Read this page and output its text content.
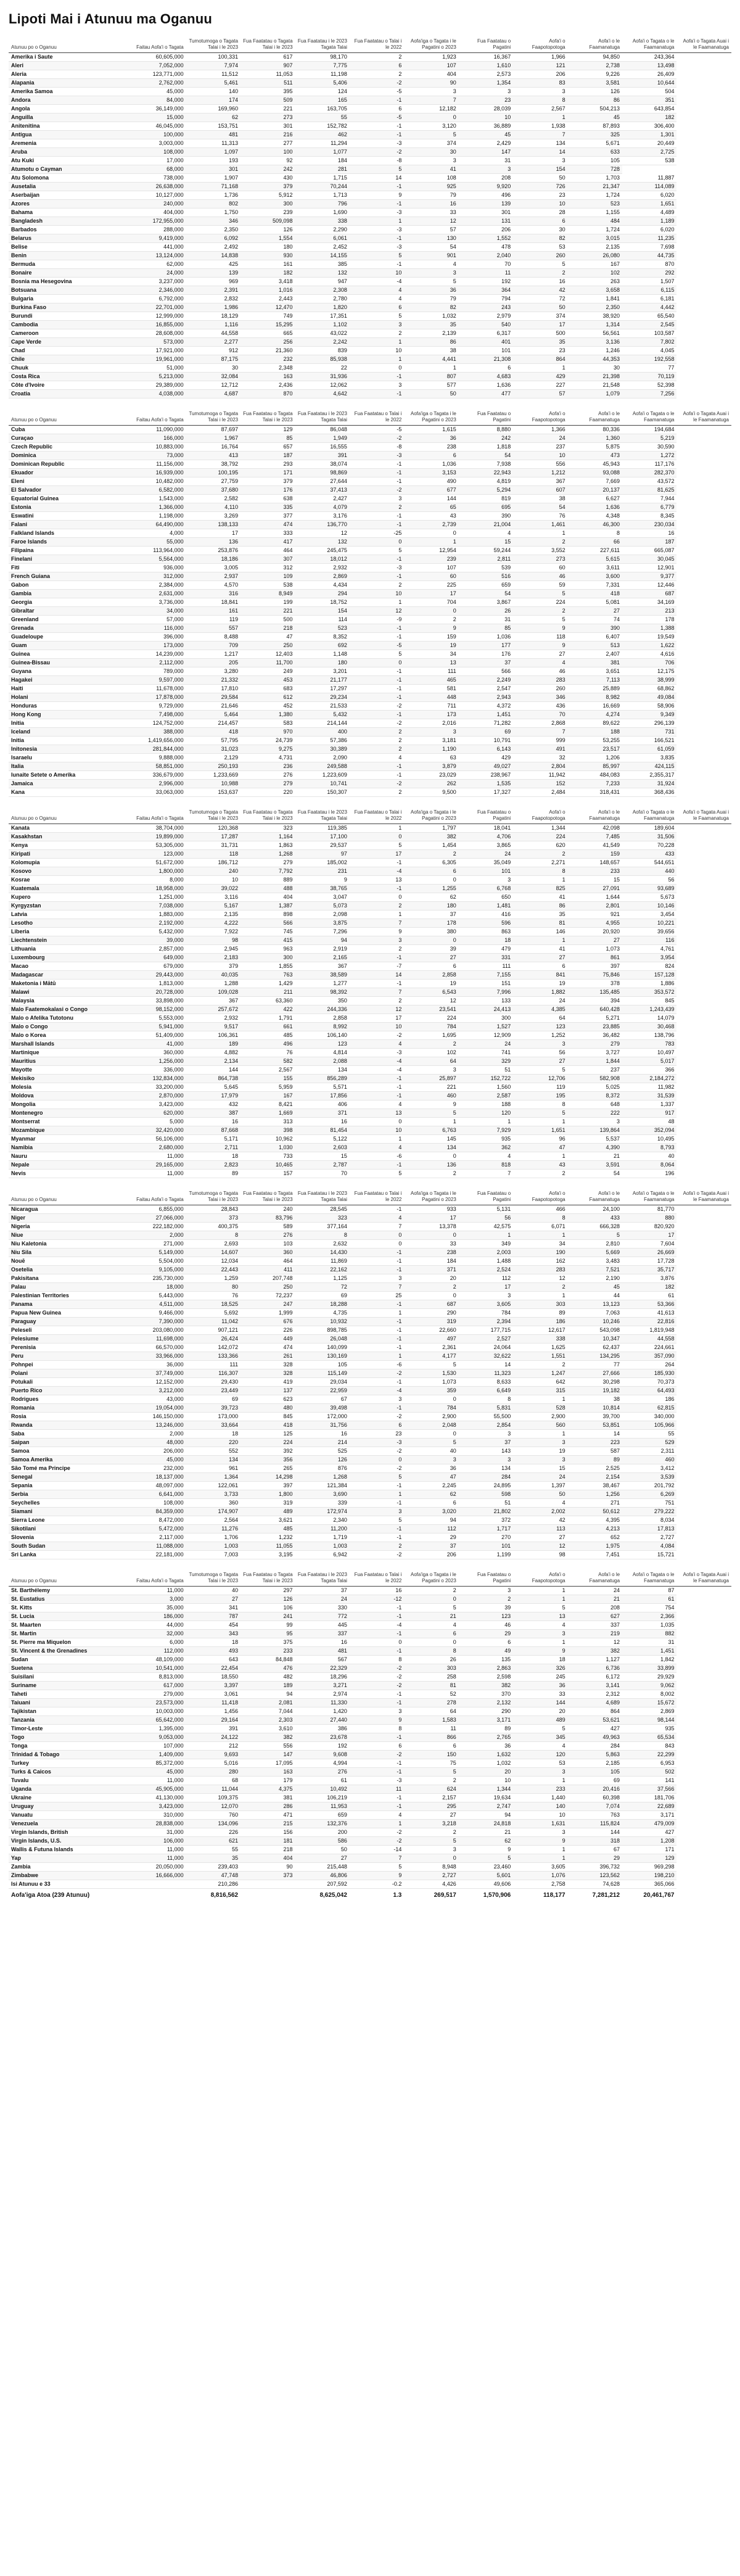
Lipoti Mai i Atunuu ma Oganuu
Atunuu po o Oganuu	Faitau Aofa'i o Tagata	Tumotumoga o Tagata Talai i le 2023	Fua Faatatau o Tagata Talai i le 2023	Fua Faatatau i le 2023 Tagata Talai	Fua Faatatau o Talai i le 2022	Aofa'iga o Tagata i le Pagatini o 2023	Fua Faatatau o Pagatini	Aofa'i o Faapotopotoga	Aofa'i o le Faamanatuga	Aofa'i o Tagata o le Faamanatuga	Aofa'i o Tagata Auai i le Faamanatuga
Amerika i Saute	60,605,000	100,331	617	98,170	2	1,923	16,367	1,966	94,850	243,364	
Aleri	7,052,000	7,974	907	7,775	6	107	1,610	121	2,738	13,498	
Aleria	123,771,000	11,512	11,053	11,198	2	404	2,573	206	9,226	26,409	
Alapania	2,762,000	5,461	511	5,406	-2	90	1,354	83	3,581	10,644	
Amerika Samoa	45,000	140	395	124	-5	3	3	3	126	504	
Andora	84,000	174	509	165	-1	7	23	8	86	351	
Angola	36,149,000	169,960	221	163,705	6	12,182	28,039	2,567	504,213	643,854	
Anguilla	15,000	62	273	55	-5	0	10	1	45	182	
Anitenitina	46,045,000	153,751	301	152,782	-1	3,120	36,889	1,938	87,893	306,400	
Antigua	100,000	481	216	462	-1	5	45	7	325	1,301	
Aremenia	3,003,000	11,313	277	11,294	-3	374	2,429	134	5,671	20,449	
Aruba	108,000	1,097	100	1,077	-2	30	147	14	633	2,725	
Atu Kuki	17,000	193	92	184	-8	3	31	3	105	538	
Atumotu o Cayman	68,000	301	242	281	5	41	3	154	728		
Atu Solomona	738,000	1,907	430	1,715	14	108	208	50	1,703	11,887	
Ausetalia	26,638,000	71,168	379	70,244	-1	925	9,920	726	21,347	114,089	
Aserbaijan	10,127,000	1,736	5,912	1,713	9	79	496	23	1,724	6,020	
Azores	240,000	802	300	796	-1	16	139	10	523	1,651	
Bahama	404,000	1,750	239	1,690	-3	33	301	28	1,155	4,489	
Bangladesh	172,955,000	346	509,098	338	1	12	131	6	484	1,189	
Barbados	288,000	2,350	126	2,290	-3	57	206	30	1,724	6,020	
Belarus	9,419,000	6,092	1,554	6,061	-1	130	1,552	82	3,015	11,235	
Belise	441,000	2,492	180	2,452	-3	54	478	53	2,135	7,698	
Benin	13,124,000	14,838	930	14,155	5	901	2,040	260	26,080	44,735	
Bermuda	62,000	425	161	385	-1	4	70	5	167	870	
Bonaire	24,000	139	182	132	10	3	11	2	102	292	
Bosnia ma Hesegovina	3,237,000	969	3,418	947	-4	5	192	16	263	1,507	
Botsuana	2,346,000	2,391	1,016	2,308	4	36	364	42	3,658	6,115	
Bulgaria	6,792,000	2,832	2,443	2,780	4	79	794	72	1,841	6,181	
Burkina Faso	22,701,000	1,986	12,470	1,820	6	82	243	50	2,350	4,442	
Burundi	12,999,000	18,129	749	17,351	5	1,032	2,979	374	38,920	65,540	
Cambodia	16,855,000	1,116	15,295	1,102	3	35	540	17	1,314	2,545	
Cameroon	28,608,000	44,558	665	43,022	2	2,139	6,317	500	56,561	103,587	
Cape Verde	573,000	2,277	256	2,242	1	86	401	35	3,136	7,802	
Chad	17,921,000	912	21,360	839	10	38	101	23	1,246	4,045	
Chile	19,961,000	87,175	232	85,938	1	4,441	21,308	864	44,353	192,558	
Chuuk	51,000	30	2,348	22	0	1	6	1	30	77	
Costa Rica	5,213,000	32,084	163	31,936	-1	807	4,683	429	21,398	70,119	
Côte d'Ivoire	29,389,000	12,712	2,436	12,062	3	577	1,636	227	21,548	52,398	
Croatia	4,038,000	4,687	870	4,642	-1	50	477	57	1,079	7,256	
Atunuu po o Oganuu	Faitau Aofa'i o Tagata	Tumotumoga o Tagata Talai i le 2023	Fua Faatatau o Tagata Talai i le 2023	Fua Faatatau i le 2023 Tagata Talai	Fua Faatatau o Talai i le 2022	Aofa'iga o Tagata i le Pagatini o 2023	Fua Faatatau o Pagatini	Aofa'i o Faapotopotoga	Aofa'i o le Faamanatuga	Aofa'i o Tagata o le Faamanatuga	Aofa'i o Tagata Auai i le Faamanatuga
Cuba	11,090,000	87,697	129	86,048	-5	1,615	8,880	1,366	80,336	194,684	
Curaçao	166,000	1,967	85	1,949	-2	36	242	24	1,360	5,219	
Czech Republic	10,883,000	16,764	657	16,555	-8	238	1,818	237	5,875	30,590	
Dominica	73,000	413	187	391	-3	6	54	10	473	1,272	
Dominican Republic	11,156,000	38,792	293	38,074	-1	1,036	7,938	556	45,943	117,176	
Ekuador	16,939,000	100,195	171	98,869	-1	3,153	22,943	1,212	93,088	282,370	
Eleni	10,482,000	27,759	379	27,644	-1	490	4,819	367	7,669	43,572	
El Salvador	6,582,000	37,680	176	37,413	-2	677	5,294	607	20,137	81,625	
Equatorial Guinea	1,543,000	2,582	638	2,427	3	144	819	38	6,627	7,944	
Estonia	1,366,000	4,110	335	4,079	2	65	695	54	1,636	6,779	
Eswatini	1,198,000	3,269	377	3,176	-1	43	390	76	4,348	8,345	
Falani	64,490,000	138,133	474	136,770	-1	2,739	21,004	1,461	46,300	230,034	
Falkland Islands	4,000	17	333	12	-25	0	4	1	8	16	
Faroe Islands	55,000	136	417	132	0	1	15	2	66	187	
Filipaina	113,964,000	253,876	464	245,475	5	12,954	59,244	3,552	227,611	665,087	
Finelani	5,564,000	18,186	307	18,012	-1	239	2,811	273	5,615	30,045	
Fiti	936,000	3,005	312	2,932	-3	107	539	60	3,611	12,901	
French Guiana	312,000	2,937	109	2,869	-1	60	516	46	3,600	9,377	
Gabon	2,384,000	4,570	538	4,434	2	225	659	59	7,331	12,446	
Gambia	2,631,000	316	8,949	294	10	17	54	5	418	687	
Georgia	3,736,000	18,841	199	18,752	1	704	3,867	224	5,081	34,169	
Gibraltar	34,000	161	221	154	12	0	26	2	27	213	
Greenland	57,000	119	500	114	-9	2	31	5	74	178	
Grenada	116,000	557	218	523	-1	9	85	9	390	1,388	
Guadeloupe	396,000	8,488	47	8,352	-1	159	1,036	118	6,407	19,549	
Guam	173,000	709	250	692	-5	19	177	9	513	1,622	
Guinea	14,239,000	1,217	12,403	1,148	5	34	176	27	2,407	4,616	
Guinea-Bissau	2,112,000	205	11,700	180	0	13	37	4	381	706	
Guyana	789,000	3,280	249	3,201	-1	111	566	46	3,651	12,175	
Hagakei	9,597,000	21,332	453	21,177	-1	465	2,249	283	7,113	38,999	
Haiti	11,678,000	17,810	683	17,297	-1	581	2,547	260	25,889	68,862	
Holani	17,878,000	29,584	612	29,234	-1	448	2,943	346	8,982	49,084	
Honduras	9,729,000	21,646	452	21,533	-2	711	4,372	436	16,669	58,906	
Hong Kong	7,498,000	5,464	1,380	5,432	-1	173	1,451	70	4,274	9,349	
Initia	124,752,000	214,457	583	214,144	-2	2,016	71,282	2,868	89,622	296,139	
Iceland	388,000	418	970	400	2	3	69	7	188	731	
Initia	1,419,656,000	57,795	24,739	57,386	2	3,181	10,791	999	53,255	166,521	
Initonesia	281,844,000	31,023	9,275	30,389	2	1,190	6,143	491	23,517	61,059	
Isaraelu	9,888,000	2,129	4,731	2,090	4	63	429	32	1,206	3,835	
Italia	58,851,000	250,193	236	249,588	-1	3,879	49,027	2,804	85,997	424,115	
Iunaite Setete o Amerika	336,679,000	1,233,669	276	1,223,609	-1	23,029	238,967	11,942	484,083	2,355,317	
Jamaica	2,996,000	10,988	279	10,741	-2	262	1,535	152	7,233	31,924	
Kana	33,063,000	153,637	220	150,307	2	9,500	17,327	2,484	318,431	368,436	
Atunuu po o Oganuu	Faitau Aofa'i o Tagata	Tumotumoga o Tagata Talai i le 2023	Fua Faatatau o Tagata Talai i le 2023	Fua Faatatau i le 2023 Tagata Talai	Fua Faatatau o Talai i le 2022	Aofa'iga o Tagata i le Pagatini o 2023	Fua Faatatau o Pagatini	Aofa'i o Faapotopotoga	Aofa'i o le Faamanatuga	Aofa'i o Tagata o le Faamanatuga	Aofa'i o Tagata Auai i le Faamanatuga
Kanata	38,704,000	120,368	323	119,385	1	1,797	18,041	1,344	42,098	189,604	
Kasakhstan	19,899,000	17,287	1,164	17,100	0	382	4,706	224	7,485	31,506	
Kenya	53,305,000	31,731	1,863	29,537	5	1,454	3,865	620	41,549	70,228	
Kiripati	123,000	118	1,268	97	17	2	24	2	159	433	
Kolomupia	51,672,000	186,712	279	185,002	-1	6,305	35,049	2,271	148,657	544,651	
Kosovo	1,800,000	240	7,792	231	-4	6	101	8	233	440	
Kosrae	8,000	10	889	9	13	0	3	1	15	56	
Kuatemala	18,958,000	39,022	488	38,765	-1	1,255	6,768	825	27,091	93,689	
Kupero	1,251,000	3,116	404	3,047	0	62	650	41	1,644	5,673	
Kyrgyzstan	7,038,000	5,167	1,387	5,073	2	180	1,481	86	2,801	10,146	
Latvia	1,883,000	2,135	898	2,098	1	37	416	35	921	3,454	
Lesotho	2,192,000	4,222	566	3,875	7	178	596	81	4,955	10,221	
Liberia	5,432,000	7,922	745	7,296	9	380	863	146	20,920	39,656	
Liechtenstein	39,000	98	415	94	3	0	18	1	27	116	
Lithuania	2,857,000	2,945	963	2,919	2	39	479	41	1,073	4,761	
Luxembourg	649,000	2,183	300	2,165	-1	27	331	27	861	3,954	
Macao	679,000	379	1,855	367	-7	6	111	6	397	824	
Madagascar	29,443,000	40,035	763	38,589	14	2,858	7,155	841	75,846	157,128	
Maketonia i Mātū	1,813,000	1,288	1,429	1,277	-1	19	151	19	378	1,886	
Malawi	20,728,000	109,028	211	98,392	7	6,543	7,996	1,882	135,485	353,572	
Malaysia	33,898,000	367	63,360	350	2	12	133	24	394	845	
Malo Faatemokalasi o Congo	98,152,000	257,672	422	244,336	12	23,541	24,413	4,385	640,428	1,243,439	
Malo o Afelika Tutotonu	5,553,000	2,932	1,791	2,858	17	224	300	64	5,271	14,079	
Malo o Congo	5,941,000	9,517	661	8,992	10	784	1,527	123	23,885	30,468	
Malo o Korea	51,409,000	106,361	485	106,140	-2	1,695	12,909	1,252	36,482	138,796	
Marshall Islands	41,000	189	496	123	4	2	24	3	279	783	
Martinique	360,000	4,882	76	4,814	-3	102	741	56	3,727	10,497	
Mauritius	1,256,000	2,134	582	2,088	-4	64	329	27	1,844	5,017	
Mayotte	336,000	144	2,567	134	-4	3	51	5	237	366	
Mekisiko	132,834,000	864,738	155	856,289	-1	25,897	152,722	12,706	582,908	2,184,272	
Molesia	33,200,000	5,645	5,959	5,571	-1	221	1,560	119	5,025	11,982	
Moldova	2,870,000	17,979	167	17,856	-1	460	2,587	195	8,372	31,539	
Mongolia	3,423,000	432	8,421	406	4	9	188	8	648	1,337	
Montenegro	620,000	387	1,669	371	13	5	120	5	222	917	
Montserrat	5,000	16	313	16	0	1	1	1	3	48	
Mozambique	32,420,000	87,668	398	81,454	10	6,763	7,929	1,651	139,864	352,094	
Myanmar	56,106,000	5,171	10,962	5,122	1	145	935	96	5,537	10,495	
Namibia	2,680,000	2,711	1,030	2,603	4	134	362	47	4,390	8,793	
Nauru	11,000	18	733	15	-6	0	4	1	21	40	
Nepale	29,165,000	2,823	10,465	2,787	-1	136	818	43	3,591	8,064	
Nevis	11,000	89	157	70	5	2	7	2	54	196	
Atunuu po o Oganuu	Faitau Aofa'i o Tagata	Tumotumoga o Tagata Talai i le 2023	Fua Faatatau o Tagata Talai i le 2023	Fua Faatatau i le 2023 Tagata Talai	Fua Faatatau o Talai i le 2022	Aofa'iga o Tagata i le Pagatini o 2023	Fua Faatatau o Pagatini	Aofa'i o Faapotopotoga	Aofa'i o le Faamanatuga	Aofa'i o Tagata o le Faamanatuga	Aofa'i o Tagata Auai i le Faamanatuga
Nicaragua	6,855,000	28,843	240	28,545	-1	933	5,131	466	24,100	81,770	
Niger	27,066,000	373	83,796	323	4	17	56	8	433	880	
Nigeria	222,182,000	400,375	589	377,164	7	13,378	42,575	6,071	666,328	820,920	
Niue	2,000	8	276	8	0	0	1	1	5	17	
Niu Kaletonia	271,000	2,693	103	2,632	0	33	349	34	2,810	7,604	
Niu Sila	5,149,000	14,607	360	14,430	-1	238	2,003	190	5,669	26,669	
Nouē	5,504,000	12,034	464	11,869	-1	184	1,488	162	3,483	17,728	
Osetelia	9,105,000	22,443	411	22,162	-1	371	2,524	283	7,521	35,717	
Pakisitana	235,730,000	1,259	207,748	1,125	3	20	112	12	2,190	3,876	
Palau	18,000	80	250	72	7	2	17	2	45	182	
Palestinian Territories	5,443,000	76	72,237	69	25	0	3	1	44	61	
Panama	4,511,000	18,525	247	18,288	-1	687	3,605	303	13,123	53,366	
Papua New Guinea	9,466,000	5,692	1,999	4,735	1	290	784	89	7,063	41,613	
Paraguay	7,390,000	11,042	676	10,932	-1	319	2,394	186	10,246	22,816	
Peleseli	203,080,000	907,121	226	898,785	-1	22,660	177,715	12,617	543,098	1,819,948	
Pelesiume	11,698,000	26,424	449	26,048	-1	497	2,527	338	10,347	44,558	
Perenisia	66,570,000	142,072	474	140,099	-1	2,361	24,064	1,625	62,437	224,661	
Peru	33,966,000	133,366	261	130,169	1	4,177	32,622	1,551	134,295	357,090	
Pohnpei	36,000	111	328	105	-6	5	14	2	77	264	
Polani	37,749,000	116,307	328	115,149	-2	1,530	11,323	1,247	27,666	185,930	
Potukali	12,152,000	29,430	419	29,034	-1	1,073	8,633	642	30,298	70,373	
Puerto Rico	3,212,000	23,449	137	22,959	-4	359	6,649	315	19,182	64,493	
Rodrigues	43,000	69	623	67	3	0	8	1	38	186	
Romania	19,054,000	39,723	480	39,498	-1	784	5,831	528	10,814	62,815	
Rosia	146,150,000	173,000	845	172,000	-2	2,900	55,500	2,900	39,700	340,000	
Rwanda	13,246,000	33,664	418	31,756	6	2,048	2,854	560	53,851	105,966	
Saba	2,000	18	125	16	23	0	3	1	14	55	
Saipan	48,000	220	224	214	-3	5	37	3	223	529	
Samoa	206,000	552	392	525	-2	40	143	19	587	2,311	
Samoa Amerika	45,000	134	356	126	0	3	3	3	89	460	
São Tomé ma Principe	232,000	961	265	876	-2	36	134	15	2,525	3,412	
Senegal	18,137,000	1,364	14,298	1,268	5	47	284	24	2,154	3,539	
Sepania	48,097,000	122,061	397	121,384	-1	2,245	24,895	1,397	38,467	201,792	
Serbia	6,641,000	3,733	1,800	3,690	1	62	598	50	1,256	6,269	
Seychelles	108,000	360	319	339	-1	6	51	4	271	751	
Siamani	84,359,000	174,907	489	172,974	3	3,020	21,802	2,002	50,612	279,222	
Sierra Leone	8,472,000	2,564	3,621	2,340	5	94	372	42	4,395	8,034	
Sikotilani	5,472,000	11,276	485	11,200	-1	112	1,717	113	4,213	17,813	
Slovenia	2,117,000	1,706	1,232	1,719	-1	29	270	27	652	2,727	
South Sudan	11,088,000	1,003	11,055	1,003	2	37	101	12	1,975	4,084	
Sri Lanka	22,181,000	7,003	3,195	6,942	-2	206	1,199	98	7,451	15,721	
Atunuu po o Oganuu	Faitau Aofa'i o Tagata	Tumotumoga o Tagata Talai i le 2023	Fua Faatatau o Tagata Talai i le 2023	Fua Faatatau i le 2023 Tagata Talai	Fua Faatatau o Talai i le 2022	Aofa'iga o Tagata i le Pagatini o 2023	Fua Faatatau o Pagatini	Aofa'i o Faapotopotoga	Aofa'i o le Faamanatuga	Aofa'i o Tagata o le Faamanatuga	Aofa'i o Tagata Auai i le Faamanatuga
St. Barthélemy	11,000	40	297	37	16	2	3	1	24	87	
St. Eustatius	3,000	27	126	24	-12	0	2	1	21	61	
St. Kitts	35,000	341	106	330	-1	5	39	5	208	754	
St. Lucia	186,000	787	241	772	-1	21	123	13	627	2,366	
St. Maarten	44,000	454	99	445	-4	4	46	4	337	1,035	
St. Martin	32,000	343	95	337	-1	6	29	3	219	882	
St. Pierre ma Miquelon	6,000	18	375	16	0	0	6	1	12	31	
St. Vincent & the Grenadines	112,000	493	233	481	-1	8	49	9	382	1,451	
Sudan	48,109,000	643	84,848	567	8	26	135	18	1,127	1,842	
Suetena	10,541,000	22,454	476	22,329	-2	303	2,863	326	6,736	33,899	
Suisilani	8,813,000	18,550	482	18,296	-2	258	2,598	245	6,172	29,929	
Suriname	617,000	3,397	189	3,271	-2	81	382	36	3,141	9,062	
Taheti	279,000	3,061	94	2,974	-1	52	370	33	2,312	8,002	
Taiuani	23,573,000	11,418	2,081	11,330	-1	278	2,132	144	4,689	15,672	
Tajikistan	10,003,000	1,456	7,044	1,420	3	64	290	20	864	2,869	
Tanzania	65,642,000	29,164	2,303	27,440	9	1,583	3,171	489	53,621	98,144	
Timor-Leste	1,395,000	391	3,610	386	8	11	89	5	427	935	
Togo	9,053,000	24,122	382	23,678	-1	866	2,765	345	49,963	65,534	
Tonga	107,000	212	556	192	6	6	36	4	284	843	
Trinidad & Tobago	1,409,000	9,693	147	9,608	-2	150	1,632	120	5,863	22,299	
Turkey	85,372,000	5,016	17,095	4,994	-1	75	1,032	53	2,185	6,953	
Turks & Caicos	45,000	280	163	276	-1	5	20	3	105	502	
Tuvalu	11,000	68	179	61	-3	2	10	1	69	141	
Uganda	45,905,000	11,044	4,375	10,492	11	624	1,344	233	20,416	37,566	
Ukraine	41,130,000	109,375	381	106,219	-1	2,157	19,634	1,440	60,398	181,706	
Uruguay	3,423,000	12,070	286	11,953	-1	295	2,747	140	7,074	22,689	
Vanuatu	310,000	760	471	659	4	27	94	10	763	3,171	
Venezuela	28,838,000	134,096	215	132,376	1	3,218	24,818	1,631	115,824	479,009	
Virgin Islands, British	31,000	226	156	200	-2	2	21	3	144	427	
Virgin Islands, U.S.	106,000	621	181	586	-2	5	62	9	318	1,208	
Wallis & Futuna Islands	11,000	55	218	50	-14	3	9	1	67	171	
Yap	11,000	35	404	27	7	0	5	1	29	129	
Zambia	20,050,000	239,403	90	215,448	5	8,948	23,460	3,605	396,732	969,298	
Zimbabwe	16,666,000	47,748	373	46,806	9	2,727	5,601	1,076	123,562	198,210	
Isi Atunuu e 33		210,286		207,592	-0.2	4,426	49,606	2,758	74,628	365,066	
Aofa'iga Atoa (239 Atunuu)		8,816,562		8,625,042	1.3	269,517	1,570,906	118,177	7,281,212	20,461,767	
